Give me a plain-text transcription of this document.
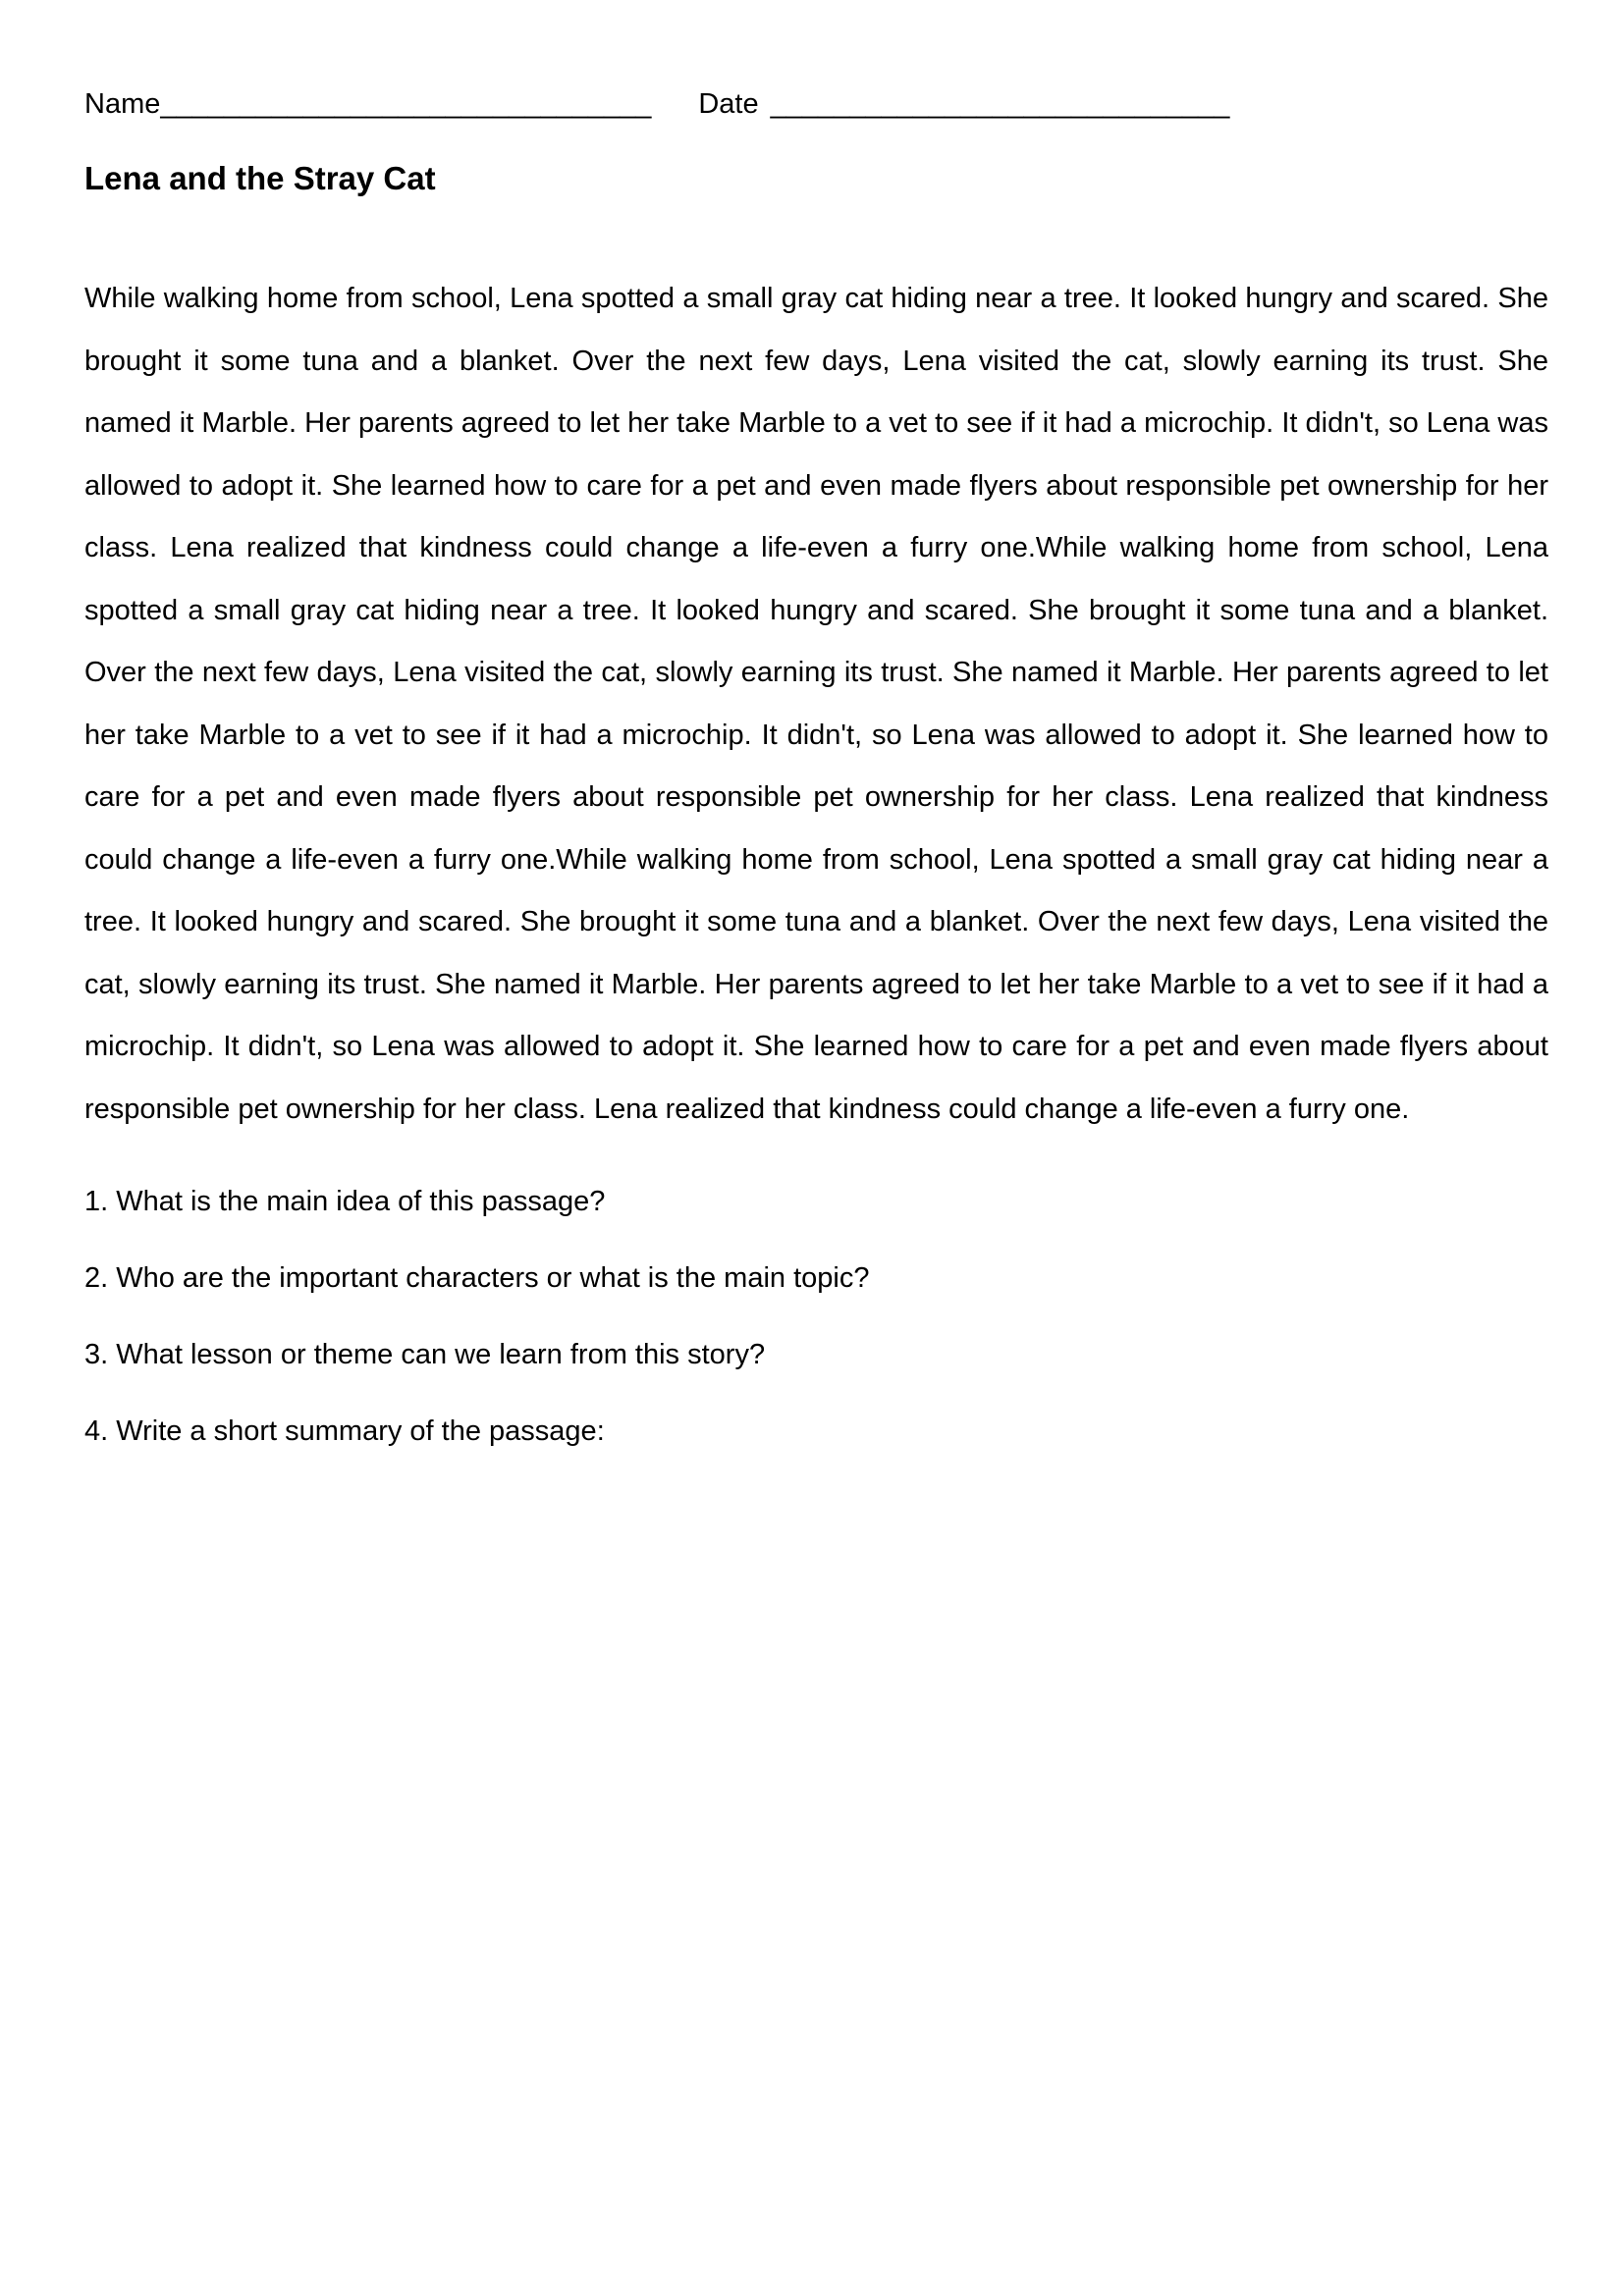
Name_______________________________ Date _____________________________
Lena and the Stray Cat

While walking home from school, Lena spotted a small gray cat hiding near a tree. It looked hungry and scared. She brought it some tuna and a blanket. Over the next few days, Lena visited the cat, slowly earning its trust. She named it Marble. Her parents agreed to let her take Marble to a vet to see if it had a microchip. It didn't, so Lena was allowed to adopt it. She learned how to care for a pet and even made flyers about responsible pet ownership for her class. Lena realized that kindness could change a life-even a furry one.While walking home from school, Lena spotted a small gray cat hiding near a tree. It looked hungry and scared. She brought it some tuna and a blanket. Over the next few days, Lena visited the cat, slowly earning its trust. She named it Marble. Her parents agreed to let her take Marble to a vet to see if it had a microchip. It didn't, so Lena was allowed to adopt it. She learned how to care for a pet and even made flyers about responsible pet ownership for her class. Lena realized that kindness could change a life-even a furry one.While walking home from school, Lena spotted a small gray cat hiding near a tree. It looked hungry and scared. She brought it some tuna and a blanket. Over the next few days, Lena visited the cat, slowly earning its trust. She named it Marble. Her parents agreed to let her take Marble to a vet to see if it had a microchip. It didn't, so Lena was allowed to adopt it. She learned how to care for a pet and even made flyers about responsible pet ownership for her class. Lena realized that kindness could change a life-even a furry one.

1. What is the main idea of this passage?

2. Who are the important characters or what is the main topic?

3. What lesson or theme can we learn from this story?

4. Write a short summary of the passage:
